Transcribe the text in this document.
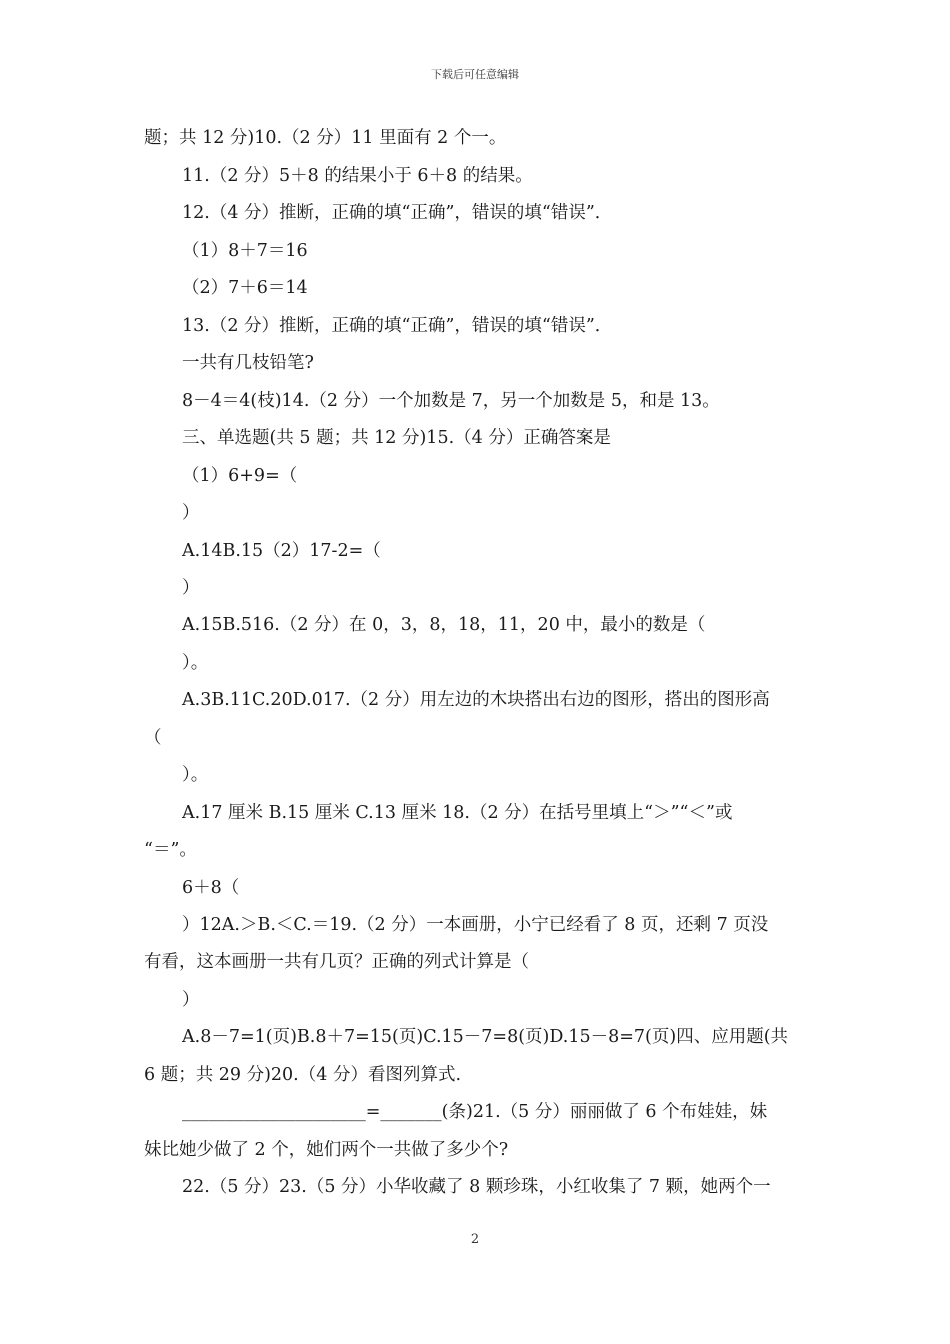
下载后可任意编辑
题；共 12 分)10.（2 分）11 里面有 2 个一。
11.（2 分）5＋8 的结果小于 6＋8 的结果。
12.（4 分）推断，正确的填“正确”，错误的填“错误”．
（1）8＋7＝16
（2）7＋6＝14
13.（2 分）推断，正确的填“正确”，错误的填“错误”．
一共有几枝铅笔?
8－4＝4(枝)14.（2 分）一个加数是 7，另一个加数是 5，和是 13。
三、单选题(共 5 题；共 12 分)15.（4 分）正确答案是
（1）6+9=（
）
A.14B.15（2）17-2=（
）
A.15B.516.（2 分）在 0，3，8，18，11，20 中，最小的数是（
）。
A.3B.11C.20D.017.（2 分）用左边的木块搭出右边的图形，搭出的图形高
（
）。
A.17 厘米 B.15 厘米 C.13 厘米 18.（2 分）在括号里填上“＞”“＜”或
“＝”。
6＋8（
）12A.＞B.＜C.＝19.（2 分）一本画册，小宁已经看了 8 页，还剩 7 页没
有看，这本画册一共有几页？正确的列式计算是（
）
A.8－7=1(页)B.8＋7=15(页)C.15－7=8(页)D.15－8=7(页)四、应用题(共
6 题；共 29 分)20.（4 分）看图列算式.
_____________________=_______(条)21.（5 分）丽丽做了 6 个布娃娃，妹
妹比她少做了 2 个，她们两个一共做了多少个?
22.（5 分）23.（5 分）小华收藏了 8 颗珍珠，小红收集了 7 颗，她两个一
2
